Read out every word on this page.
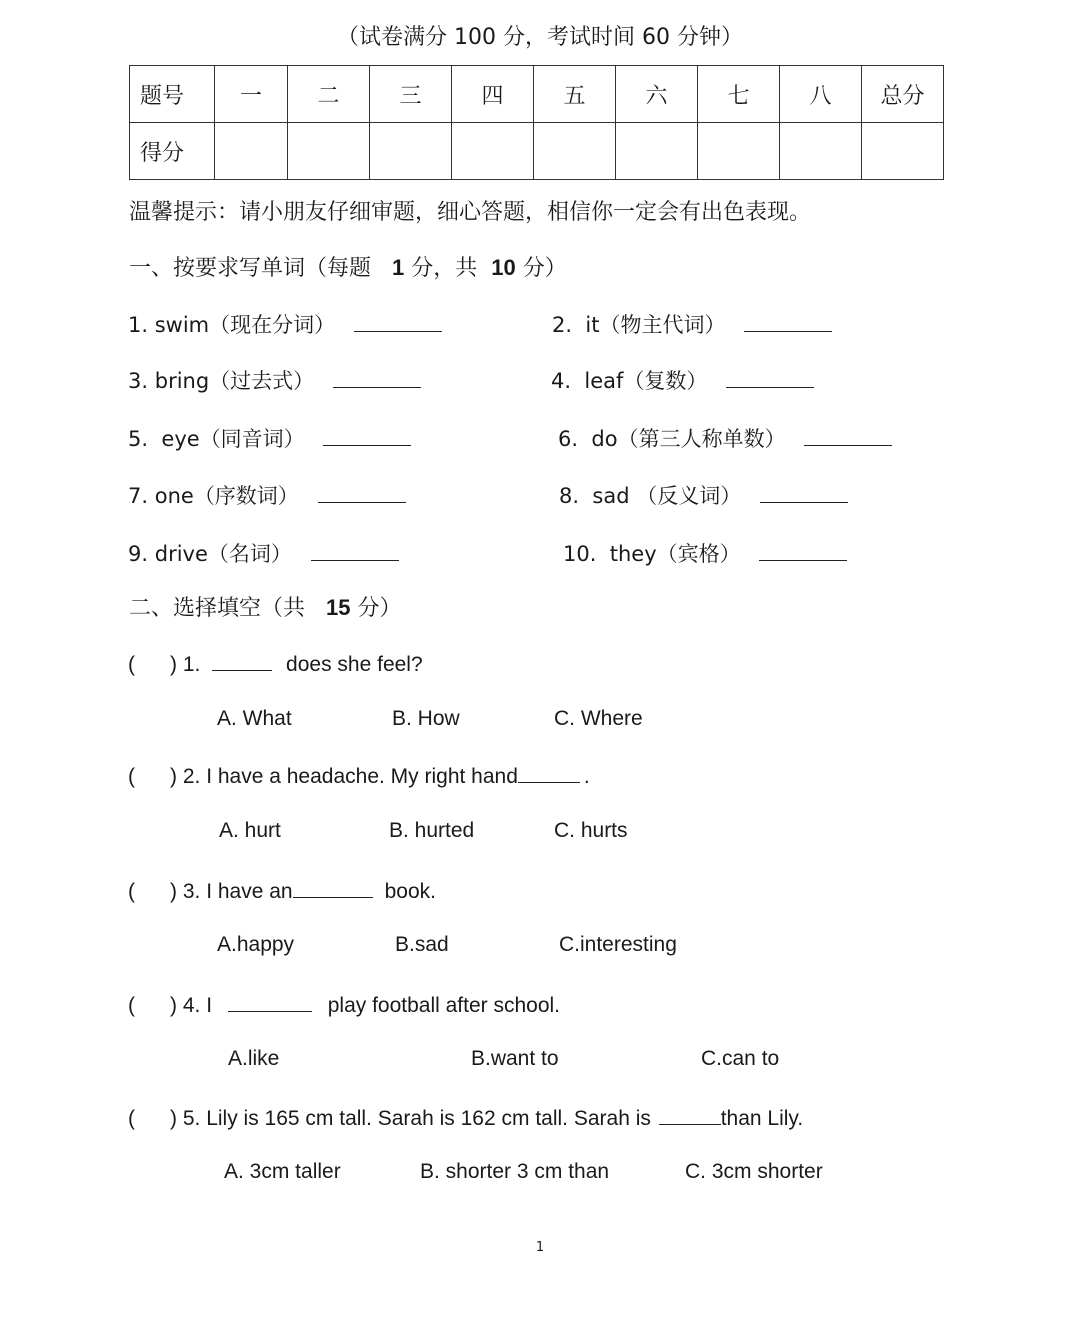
（试卷满分 100 分，考试时间 60 分钟）
题号	一	二	三	四	五	六	七	八	总分
得分									
温馨提示：请小朋友仔细审题，细心答题，相信你一定会有出色表现。
一、按要求写单词（每题 1 分，共 10 分）
1. swim（现在分词）	2. it（物主代词）
3. bring（过去式）	4. leaf（复数）
5. eye（同音词）	6. do（第三人称单数）
7. one（序数词）	8. sad （反义词）
9. drive（名词）	10. they（宾格）
二、选择填空（共 15 分）
(      ) 1.	does she feel?
A. What	B. How	C. Where
(      ) 2. I have a headache. My right hand	.
A. hurt	B. hurted	C. hurts
(      ) 3. I have an	book.
A.happy	B.sad	C.interesting
(      ) 4. I	play football after school.
A.like	B.want to	C.can to
(      ) 5. Lily is 165 cm tall. Sarah is 162 cm tall. Sarah is	than Lily.
A. 3cm taller	B. shorter 3 cm than	C. 3cm shorter
1
